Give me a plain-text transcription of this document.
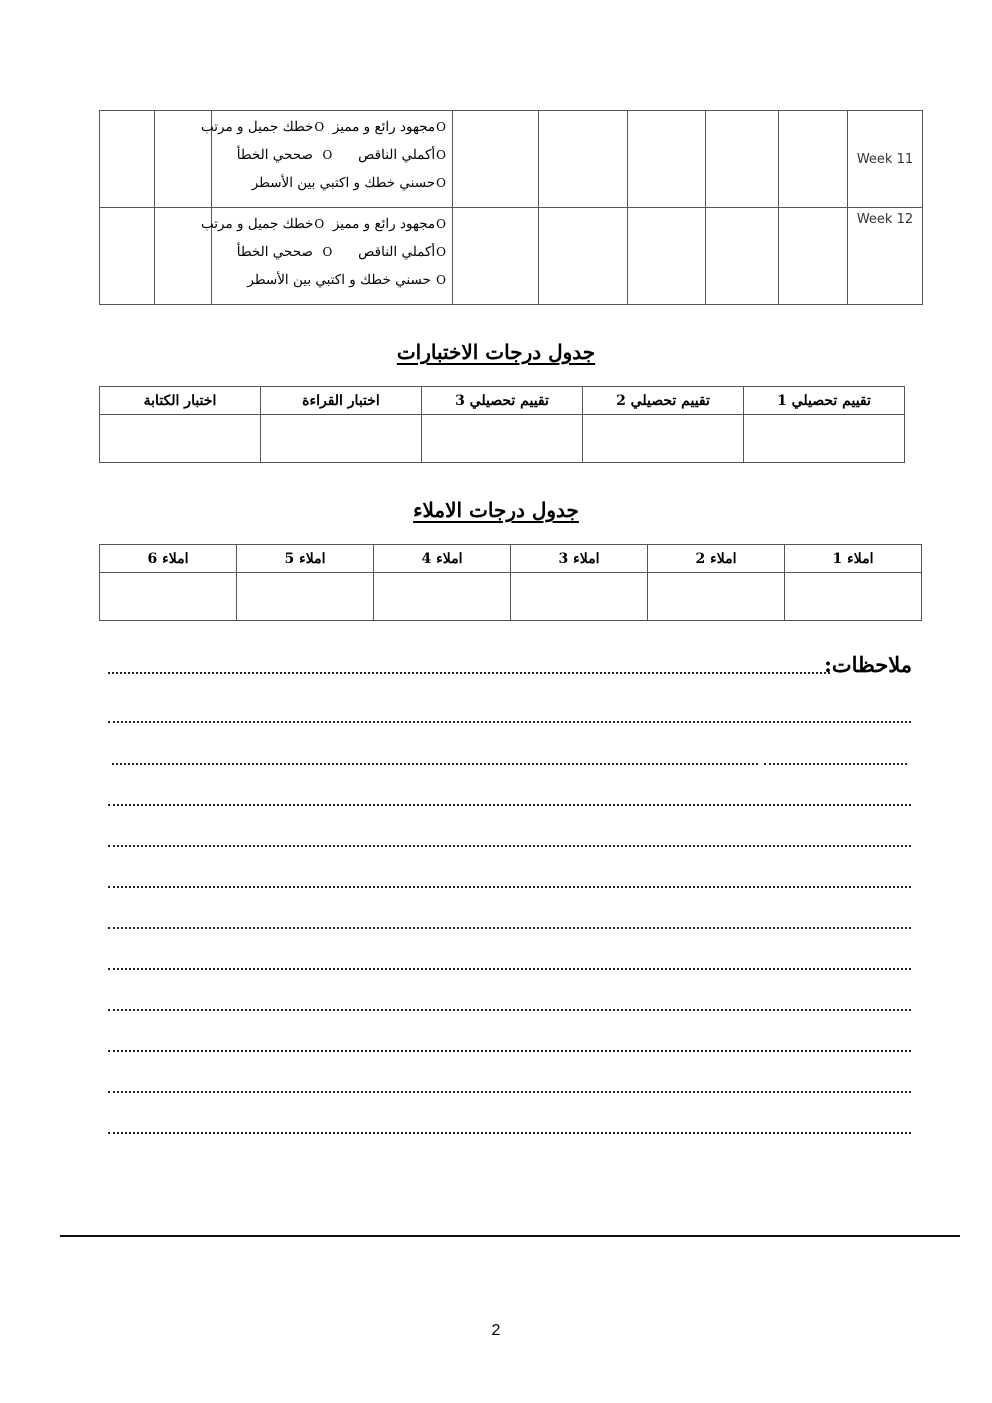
		Oمجهود رائع و مميز  Oخطك جميل و مرتب
Oأكملي الناقص      O  صححي الخطأ
Oحسني خطك و اكتبي بين الأسطر						Week 11

		Oمجهود رائع و مميز  Oخطك جميل و مرتب
Oأكملي الناقص      O  صححي الخطأ
O حسني خطك و اكتبي بين الأسطر						Week 12
جدول درجات الاختبارات
تقييم تحصيلي 1	تقييم تحصيلي 2	تقييم تحصيلي 3	اختبار القراءة	اختبار الكتابة

جدول درجات الاملاء
املاء 1	املاء 2	املاء 3	املاء 4	املاء 5	املاء 6

ملاحظات:
2
